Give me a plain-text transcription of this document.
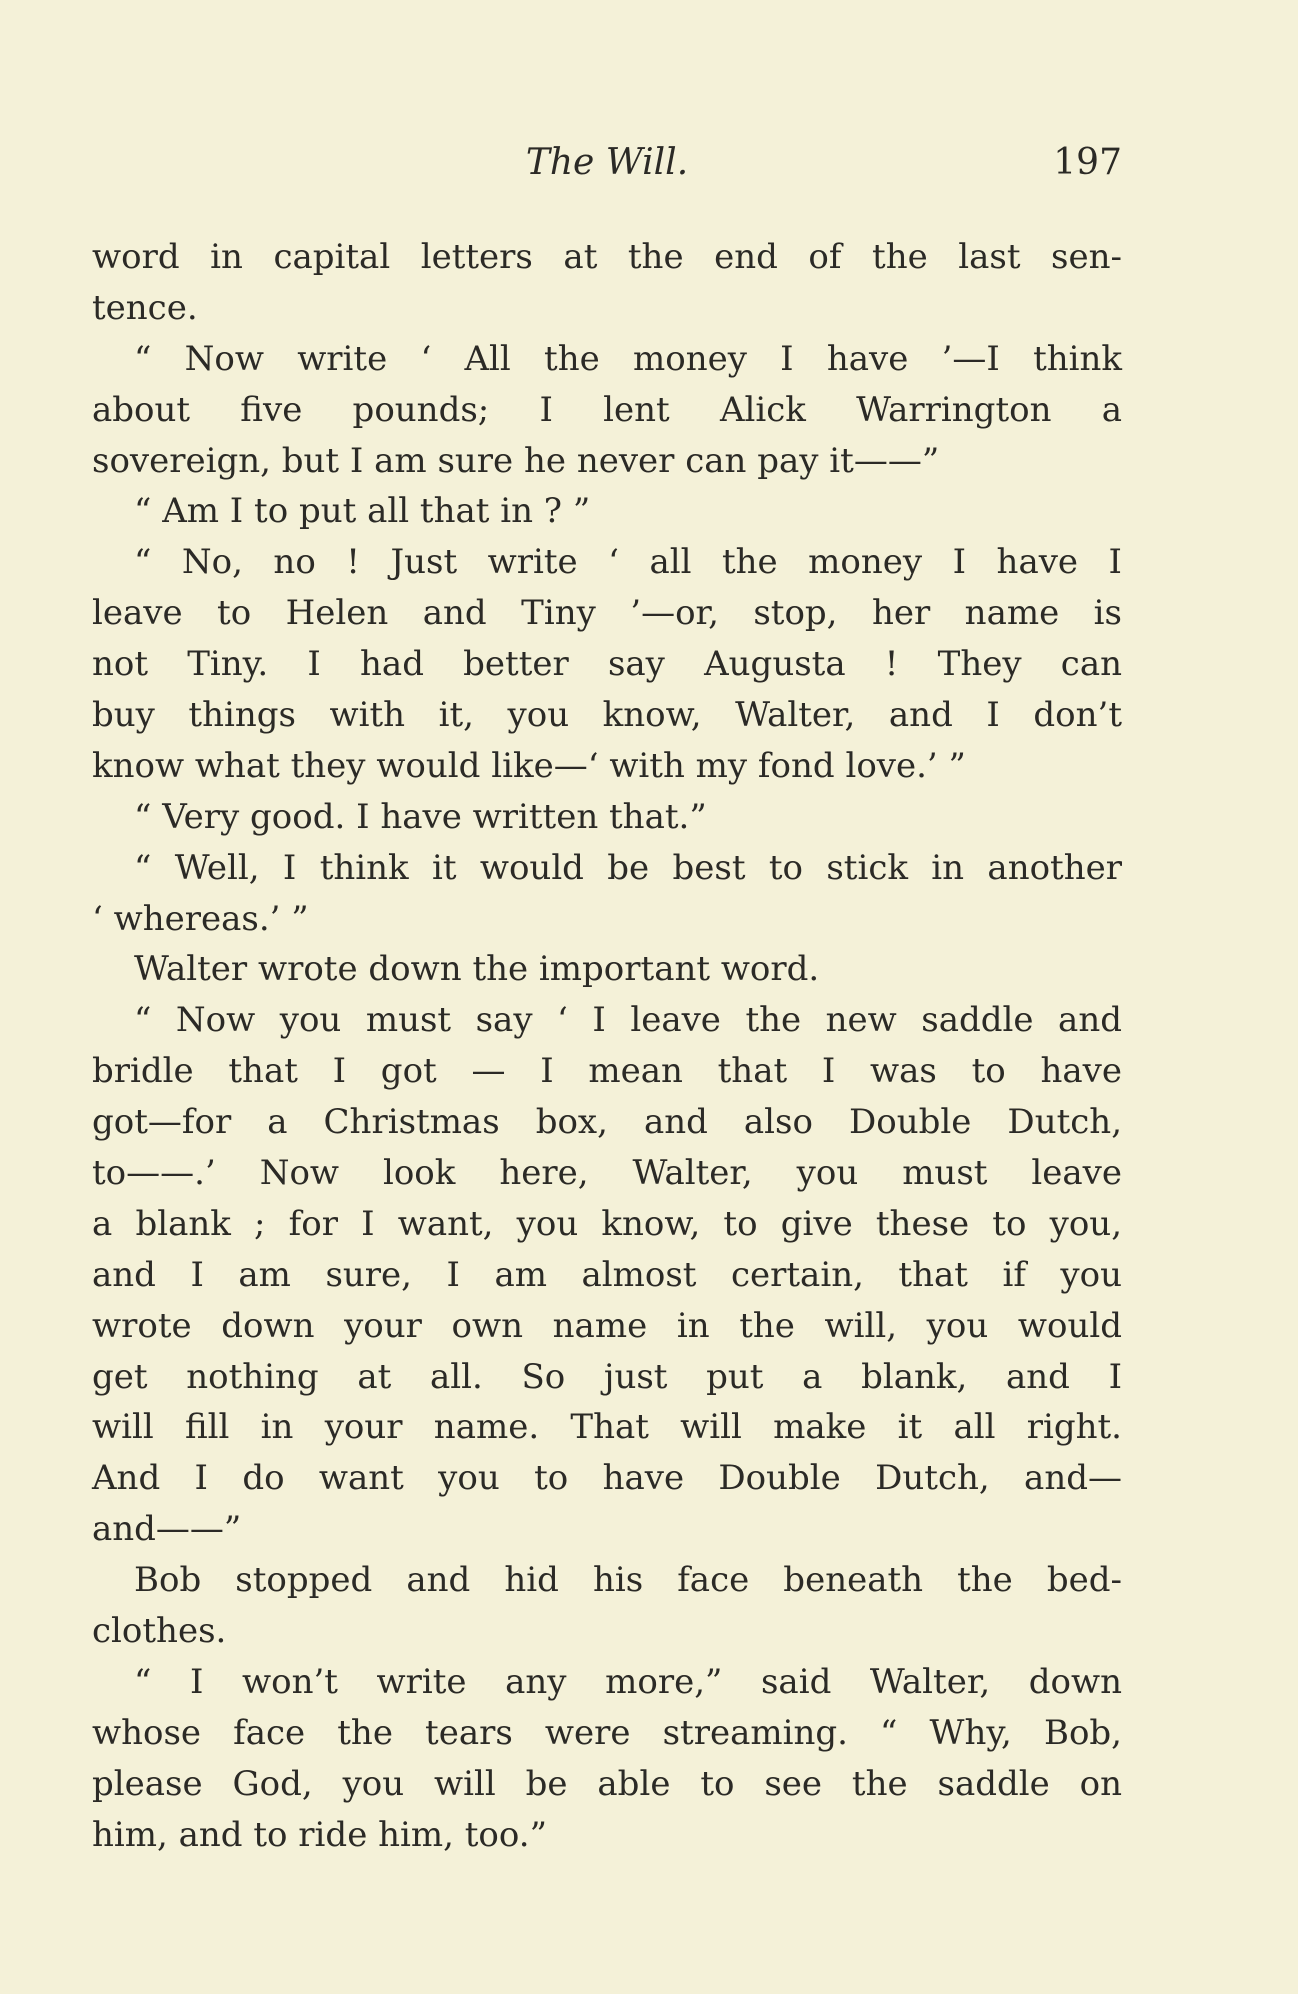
The Will.	197
word in capital letters at the end of the last sen-
tence.
“ Now write ‘ All the money I have ’—I think
about five pounds; I lent Alick Warrington a
sovereign, but I am sure he never can pay it——”
“ Am I to put all that in ? ”
“ No, no ! Just write ‘ all the money I have I
leave to Helen and Tiny ’—or, stop, her name is
not Tiny. I had better say Augusta ! They can
buy things with it, you know, Walter, and I don’t
know what they would like—‘ with my fond love.’ ”
“ Very good. I have written that.”
“ Well, I think it would be best to stick in another
‘ whereas.’ ”
Walter wrote down the important word.
“ Now you must say ‘ I leave the new saddle and
bridle that I got — I mean that I was to have
got—for a Christmas box, and also Double Dutch,
to——.’ Now look here, Walter, you must leave
a blank ; for I want, you know, to give these to you,
and I am sure, I am almost certain, that if you
wrote down your own name in the will, you would
get nothing at all. So just put a blank, and I
will fill in your name. That will make it all right.
And I do want you to have Double Dutch, and—
and——”
Bob stopped and hid his face beneath the bed-
clothes.
“ I won’t write any more,” said Walter, down
whose face the tears were streaming. “ Why, Bob,
please God, you will be able to see the saddle on
him, and to ride him, too.”
